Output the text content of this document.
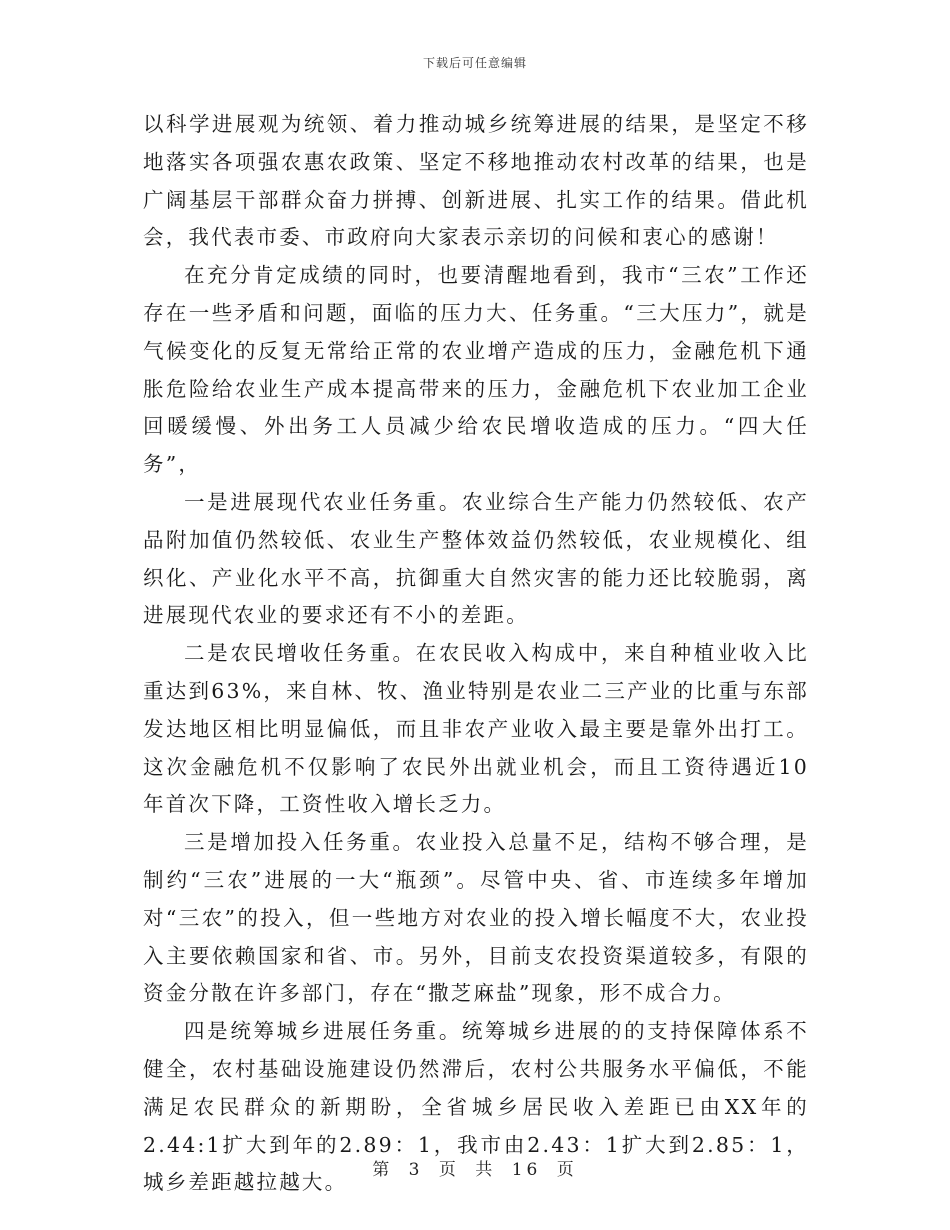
下载后可任意编辑

以科学进展观为统领、着力推动城乡统筹进展的结果，是坚定不移地落实各项强农惠农政策、坚定不移地推动农村改革的结果，也是广阔基层干部群众奋力拼搏、创新进展、扎实工作的结果。借此机会，我代表市委、市政府向大家表示亲切的问候和衷心的感谢！

在充分肯定成绩的同时，也要清醒地看到，我市“三农”工作还存在一些矛盾和问题，面临的压力大、任务重。“三大压力”，就是气候变化的反复无常给正常的农业增产造成的压力，金融危机下通胀危险给农业生产成本提高带来的压力，金融危机下农业加工企业回暖缓慢、外出务工人员减少给农民增收造成的压力。“四大任务”，

一是进展现代农业任务重。农业综合生产能力仍然较低、农产品附加值仍然较低、农业生产整体效益仍然较低，农业规模化、组织化、产业化水平不高，抗御重大自然灾害的能力还比较脆弱，离进展现代农业的要求还有不小的差距。

二是农民增收任务重。在农民收入构成中，来自种植业收入比重达到63%，来自林、牧、渔业特别是农业二三产业的比重与东部发达地区相比明显偏低，而且非农产业收入最主要是靠外出打工。这次金融危机不仅影响了农民外出就业机会，而且工资待遇近10年首次下降，工资性收入增长乏力。

三是增加投入任务重。农业投入总量不足，结构不够合理，是制约“三农”进展的一大“瓶颈”。尽管中央、省、市连续多年增加对“三农”的投入，但一些地方对农业的投入增长幅度不大，农业投入主要依赖国家和省、市。另外，目前支农投资渠道较多，有限的资金分散在许多部门，存在“撒芝麻盐”现象，形不成合力。

四是统筹城乡进展任务重。统筹城乡进展的的支持保障体系不健全，农村基础设施建设仍然滞后，农村公共服务水平偏低，不能满足农民群众的新期盼，全省城乡居民收入差距已由XX年的2.44:1扩大到年的2.89：1，我市由2.43：1扩大到2.85：1，城乡差距越拉越大。

第 3 页 共 16 页
